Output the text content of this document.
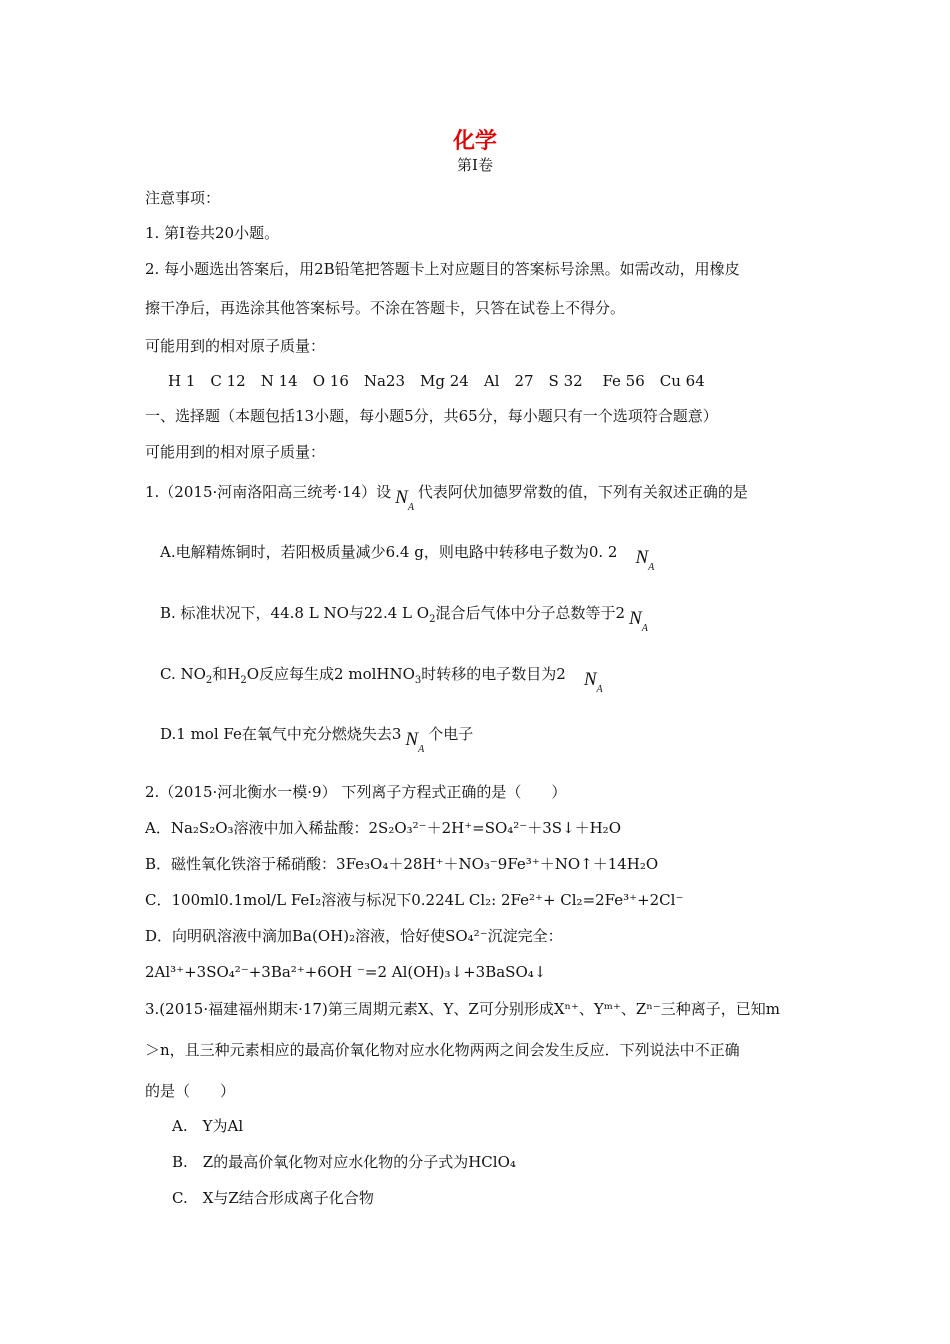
化学
第Ⅰ卷
注意事项：
1. 第Ⅰ卷共20小题。
2. 每小题选出答案后，用2B铅笔把答题卡上对应题目的答案标号涂黑。如需改动，用橡皮
擦干净后，再选涂其他答案标号。不涂在答题卡，只答在试卷上不得分。
可能用到的相对原子质量：
H 1　C 12　N 14　O 16　Na23　Mg 24　Al　27　S 32　 Fe 56　Cu 64
一、选择题（本题包括13小题，每小题5分，共65分，每小题只有一个选项符合题意）
可能用到的相对原子质量：
1.（2015·河南洛阳高三统考·14）设 $N_A$代表阿伏加德罗常数的值，下列有关叙述正确的是
A.电解精炼铜时，若阳极质量减少6.4 g，则电路中转移电子数为0. 2 $N_A$
B. 标准状况下，44.8 L NO与22.4 L $O_2$混合后气体中分子总数等于2 $N_A$
C. $NO_2$和$H_2O$反应每生成2 molHNO$_3$时转移的电子数目为2 $N_A$
D.1 mol Fe在氧气中充分燃烧失去3 $N_A$个电子
2.（2015·河北衡水一模·9） 下列离子方程式正确的是（　　）
A．Na₂S₂O₃溶液中加入稀盐酸：2S₂O₃²⁻＋2H⁺=SO₄²⁻＋3S↓＋H₂O
B．磁性氧化铁溶于稀硝酸：3Fe₃O₄＋28H⁺＋NO₃⁻9Fe³⁺＋NO↑＋14H₂O
C．100ml0.1mol/L FeI₂溶液与标况下0.224L Cl₂: 2Fe²⁺+ Cl₂=2Fe³⁺+2Cl⁻
D．向明矾溶液中滴加Ba(OH)₂溶液，恰好使SO₄²⁻沉淀完全：
2Al³⁺+3SO₄²⁻+3Ba²⁺+6OH ⁻=2 Al(OH)₃↓+3BaSO₄↓
3.(2015·福建福州期末·17)第三周期元素X、Y、Z可分别形成Xⁿ⁺、Yᵐ⁺、Zⁿ⁻三种离子，已知m
＞n，且三种元素相应的最高价氧化物对应水化物两两之间会发生反应．下列说法中不正确
的是（　　）
A.　Y为Al
B.　Z的最高价氧化物对应水化物的分子式为HClO₄
C.　X与Z结合形成离子化合物
